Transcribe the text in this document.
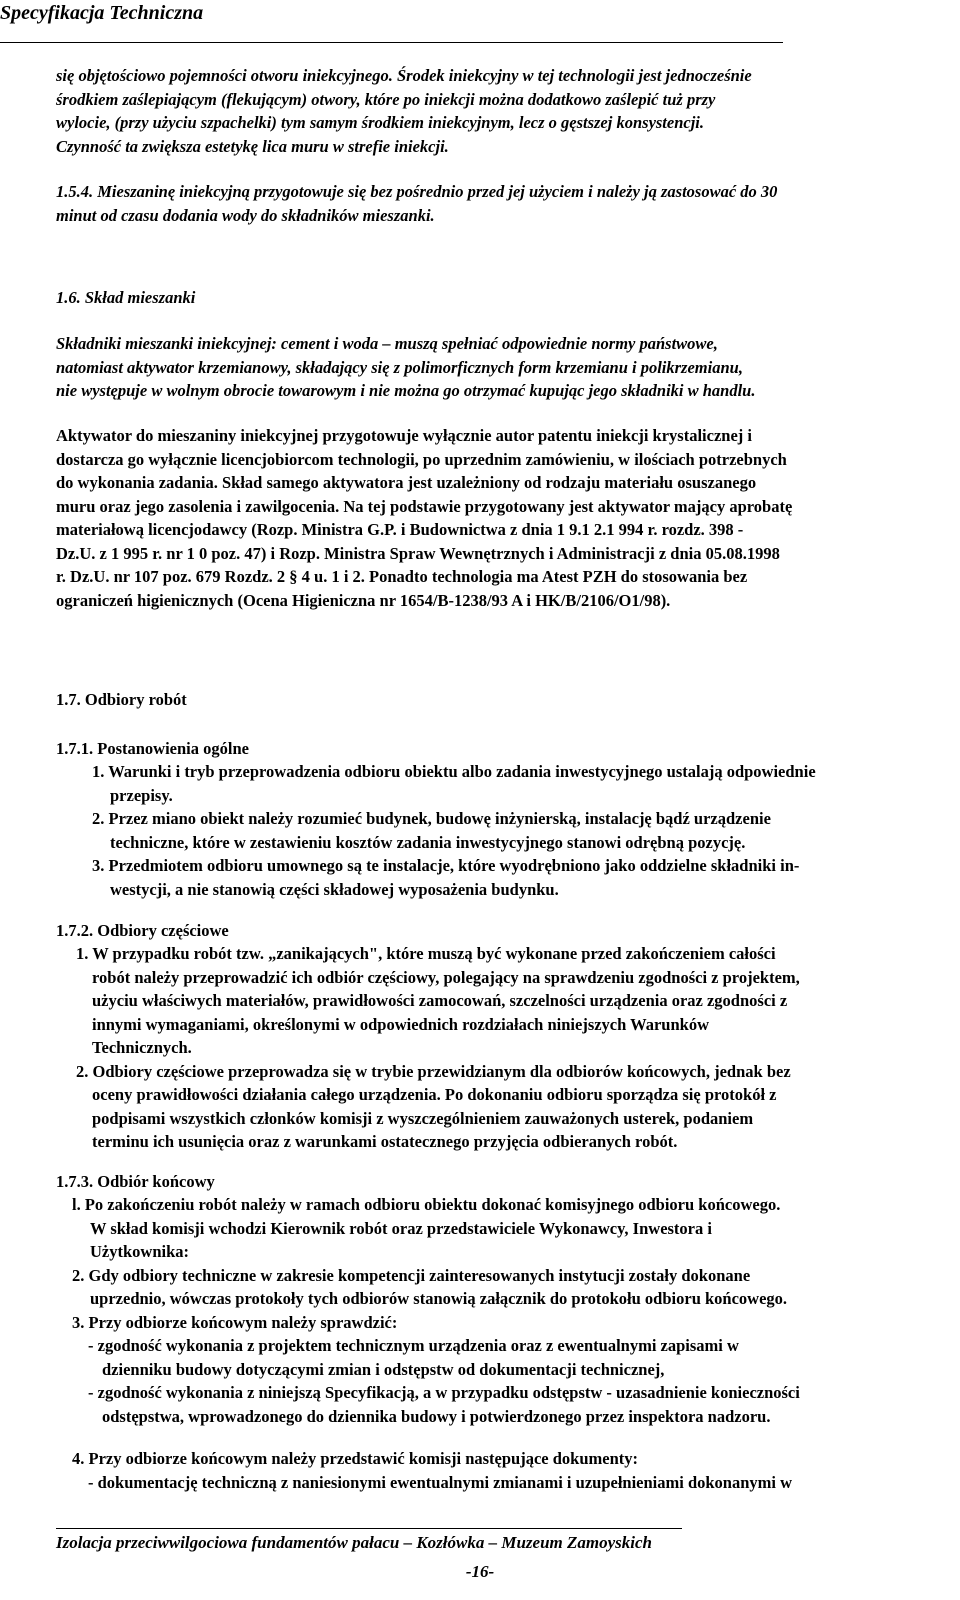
Specyfikacja Techniczna

się objętościowo pojemności otworu iniekcyjnego. Środek iniekcyjny w tej technologii jest jednocześnie

środkiem zaślepiającym (flekującym) otwory, które po iniekcji można dodatkowo zaślepić tuż przy

wylocie, (przy użyciu szpachelki) tym samym środkiem iniekcyjnym, lecz o gęstszej konsystencji.

Czynność ta zwiększa estetykę lica muru w strefie iniekcji.

1.5.4. Mieszaninę iniekcyjną przygotowuje się bez pośrednio przed jej użyciem i należy ją zastosować do 30

minut od czasu dodania wody do składników mieszanki.

1.6. Skład mieszanki

Składniki mieszanki iniekcyjnej: cement i woda – muszą spełniać odpowiednie normy państwowe,

natomiast aktywator krzemianowy, składający się z polimorficznych form krzemianu i polikrzemianu,

nie występuje w wolnym obrocie towarowym i nie można go otrzymać kupując jego składniki w handlu.

Aktywator do mieszaniny iniekcyjnej przygotowuje wyłącznie autor patentu iniekcji krystalicznej i

dostarcza go wyłącznie licencjobiorcom technologii, po uprzednim zamówieniu, w ilościach potrzebnych

do wykonania zadania. Skład samego aktywatora jest uzależniony od rodzaju materiału osuszanego

muru oraz jego zasolenia i zawilgocenia. Na tej podstawie przygotowany jest aktywator mający aprobatę

materiałową licencjodawcy (Rozp. Ministra G.P. i Budownictwa z dnia 1 9.1 2.1 994 r. rozdz. 398 -

Dz.U. z 1 995 r. nr 1 0 poz. 47) i Rozp. Ministra Spraw Wewnętrznych i Administracji z dnia 05.08.1998

r. Dz.U. nr 107 poz. 679 Rozdz. 2 § 4 u. 1 i 2. Ponadto technologia ma Atest PZH do stosowania bez

ograniczeń higienicznych (Ocena Higieniczna nr 1654/B-1238/93 A i HK/B/2106/O1/98).

1.7. Odbiory robót
1.7.1. Postanowienia ogólne

1. Warunki i tryb przeprowadzenia odbioru obiektu albo zadania inwestycyjnego ustalają odpowiednie

przepisy.

2. Przez miano obiekt należy rozumieć budynek, budowę inżynierską, instalację bądź urządzenie

techniczne, które w zestawieniu kosztów zadania inwestycyjnego stanowi odrębną pozycję.

3. Przedmiotem odbioru umownego są te instalacje, które wyodrębniono jako oddzielne składniki in-

westycji, a nie stanowią części składowej wyposażenia budynku.

1.7.2. Odbiory częściowe

1. W przypadku robót tzw. „zanikających", które muszą być wykonane przed zakończeniem całości

robót należy przeprowadzić ich odbiór częściowy, polegający na sprawdzeniu zgodności z projektem,

użyciu właściwych materiałów, prawidłowości zamocowań, szczelności urządzenia oraz zgodności z

innymi wymaganiami, określonymi w odpowiednich rozdziałach niniejszych Warunków

Technicznych.

2. Odbiory częściowe przeprowadza się w trybie przewidzianym dla odbiorów końcowych, jednak bez

oceny prawidłowości działania całego urządzenia. Po dokonaniu odbioru sporządza się protokół z

podpisami wszystkich członków komisji z wyszczególnieniem zauważonych usterek, podaniem

terminu ich usunięcia oraz z warunkami ostatecznego przyjęcia odbieranych robót.

1.7.3. Odbiór końcowy

l. Po zakończeniu robót należy w ramach odbioru obiektu dokonać komisyjnego odbioru końcowego.

W skład komisji wchodzi Kierownik robót oraz przedstawiciele Wykonawcy, Inwestora i

Użytkownika:

2. Gdy odbiory techniczne w zakresie kompetencji zainteresowanych instytucji zostały dokonane

uprzednio, wówczas protokoły tych odbiorów stanowią załącznik do protokołu odbioru końcowego.

3. Przy odbiorze końcowym należy sprawdzić:

- zgodność wykonania z projektem technicznym urządzenia oraz z ewentualnymi zapisami w

dzienniku budowy dotyczącymi zmian i odstępstw od dokumentacji technicznej,

- zgodność wykonania z niniejszą Specyfikacją, a w przypadku odstępstw - uzasadnienie konieczności

odstępstwa, wprowadzonego do dziennika budowy i potwierdzonego przez inspektora nadzoru.

4. Przy odbiorze końcowym należy przedstawić komisji następujące dokumenty:

- dokumentację techniczną z naniesionymi ewentualnymi zmianami i uzupełnieniami dokonanymi w

Izolacja przeciwwilgociowa fundamentów pałacu – Kozłówka – Muzeum Zamoyskich
-16-
